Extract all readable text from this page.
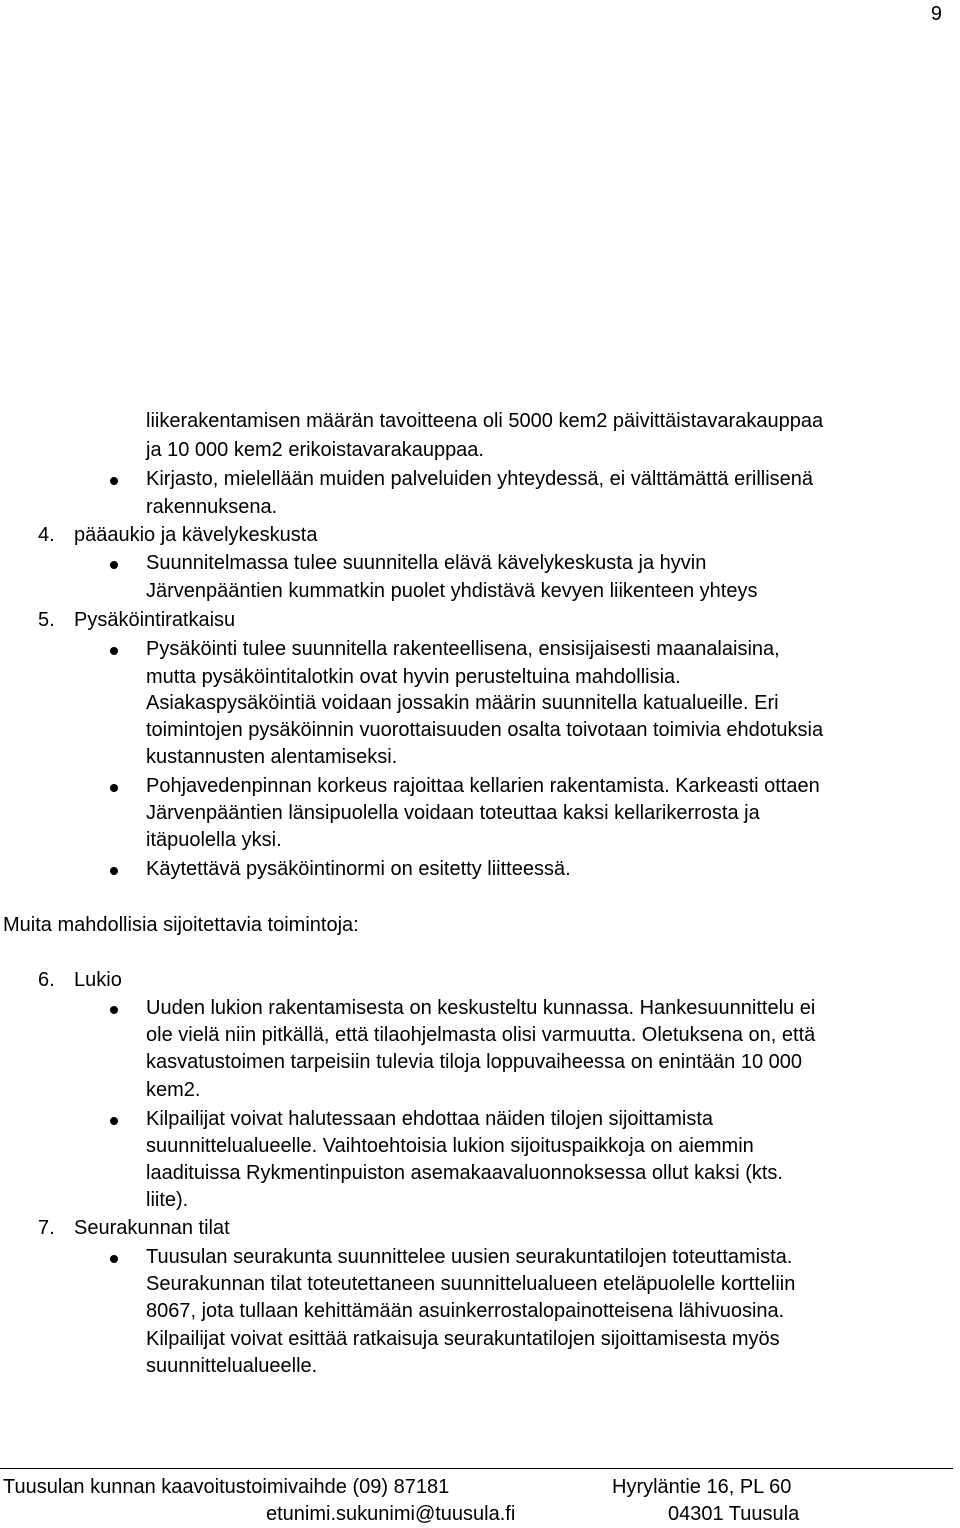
9
liikerakentamisen määrän tavoitteena oli 5000 kem2 päivittäistavarakauppaa
ja 10 000 kem2 erikoistavarakauppaa.
Kirjasto, mielellään muiden palveluiden yhteydessä, ei välttämättä erillisenä
rakennuksena.
4. pääaukio ja kävelykeskusta
Suunnitelmassa tulee suunnitella elävä kävelykeskusta ja hyvin
Järvenpääntien kummatkin puolet yhdistävä kevyen liikenteen yhteys
5. Pysäköintiratkaisu
Pysäköinti tulee suunnitella rakenteellisena, ensisijaisesti maanalaisina,
mutta pysäköintitalotkin ovat hyvin perusteltuina mahdollisia.
Asiakaspysäköintiä voidaan jossakin määrin suunnitella katualueille. Eri
toimintojen pysäköinnin vuorottaisuuden osalta toivotaan toimivia ehdotuksia
kustannusten alentamiseksi.
Pohjavedenpinnan korkeus rajoittaa kellarien rakentamista. Karkeasti ottaen
Järvenpääntien länsipuolella voidaan toteuttaa kaksi kellarikerrosta ja
itäpuolella yksi.
Käytettävä pysäköintinormi on esitetty liitteessä.
Muita mahdollisia sijoitettavia toimintoja:
6. Lukio
Uuden lukion rakentamisesta on keskusteltu kunnassa. Hankesuunnittelu ei
ole vielä niin pitkällä, että tilaohjelmasta olisi varmuutta. Oletuksena on, että
kasvatustoimen tarpeisiin tulevia tiloja loppuvaiheessa on enintään 10 000
kem2.
Kilpailijat voivat halutessaan ehdottaa näiden tilojen sijoittamista
suunnittelualueelle. Vaihtoehtoisia lukion sijoituspaikkoja on aiemmin
laadituissa Rykmentinpuiston asemakaavaluonnoksessa ollut kaksi (kts.
liite).
7. Seurakunnan tilat
Tuusulan seurakunta suunnittelee uusien seurakuntatilojen toteuttamista.
Seurakunnan tilat toteutettaneen suunnittelualueen eteläpuolelle kortteliin
8067, jota tullaan kehittämään asuinkerrostalopainotteisena lähivuosina.
Kilpailijat voivat esittää ratkaisuja seurakuntatilojen sijoittamisesta myös
suunnittelualueelle.
Tuusulan kunnan kaavoitustoimivaihde (09) 87181
etunimi.sukunimi@tuusula.fi
Hyryläntie 16, PL 60
04301 Tuusula
